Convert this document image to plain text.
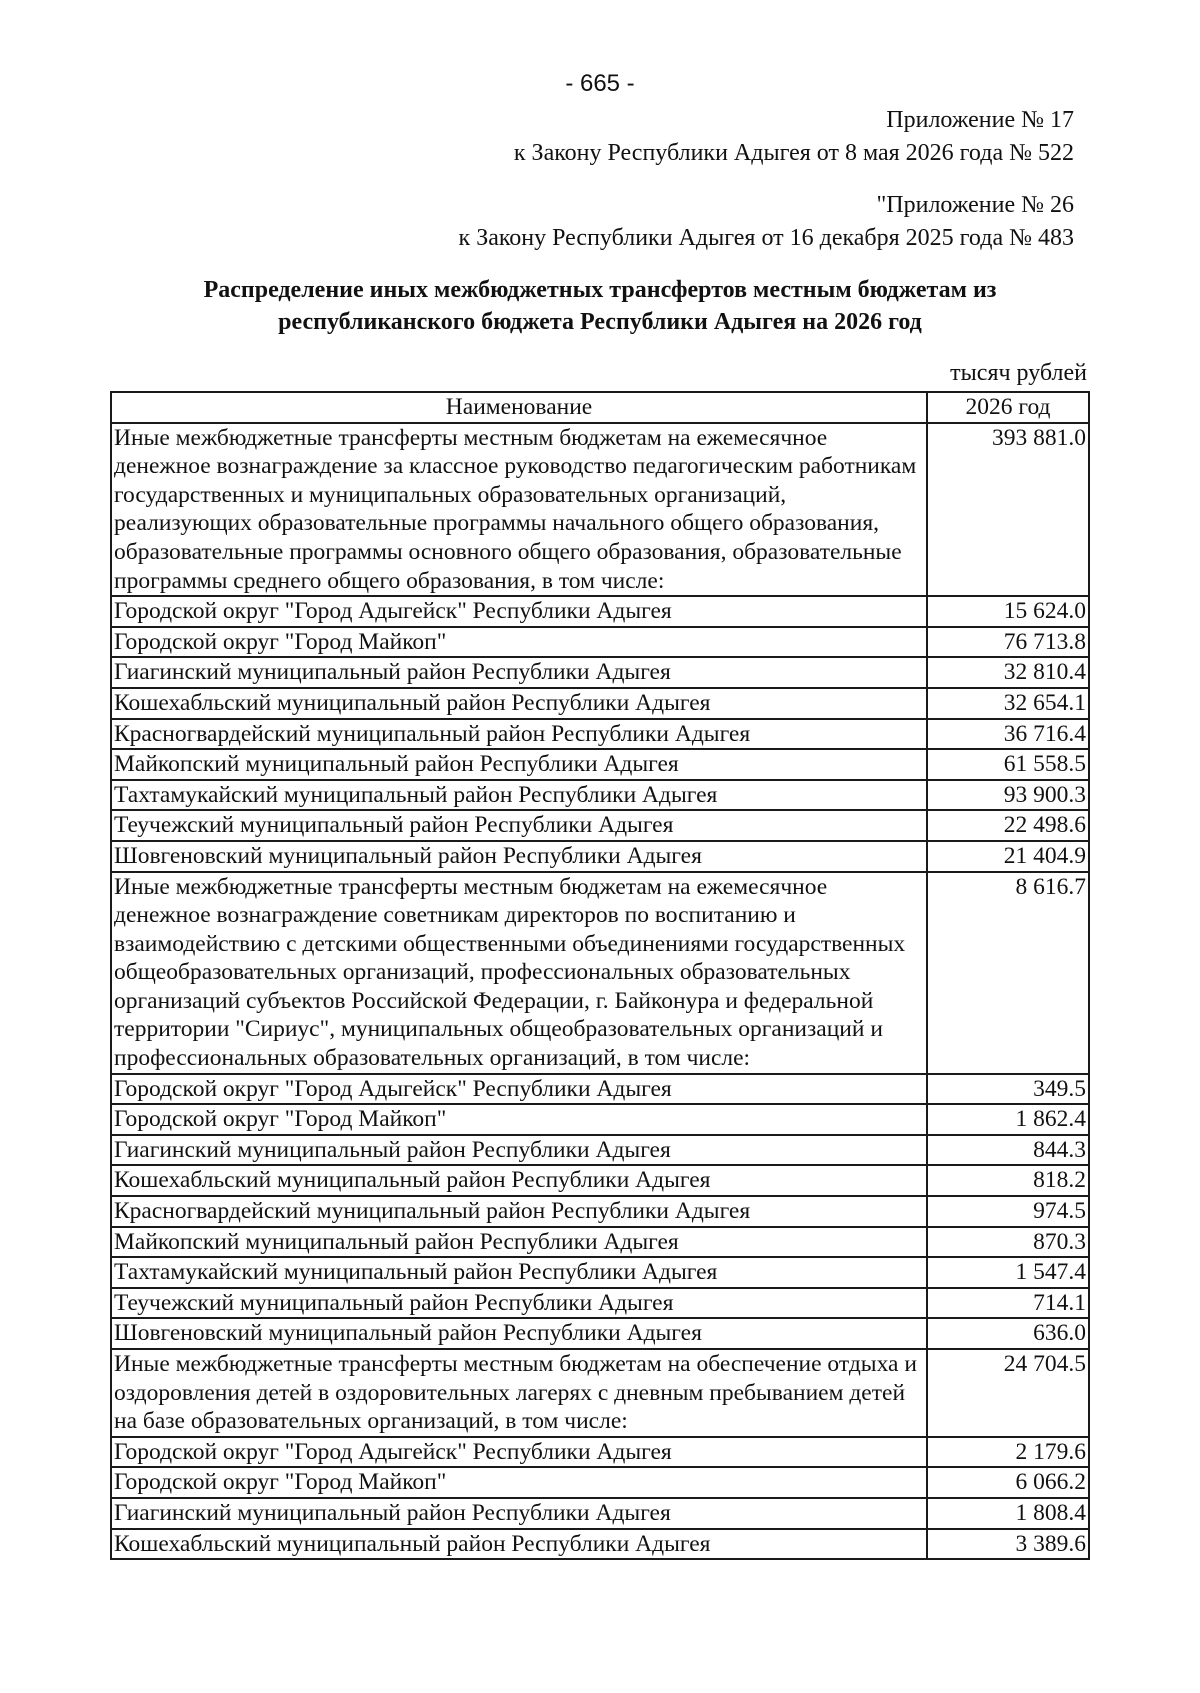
- 665 -
Приложение № 17
к Закону Республики Адыгея от 8 мая 2026 года № 522
"Приложение № 26
к Закону Республики Адыгея от 16 декабря 2025 года № 483
Распределение иных межбюджетных трансфертов местным бюджетам из
республиканского бюджета Республики Адыгея на 2026 год
тысяч рублей
Наименование	2026 год
Иные межбюджетные трансферты местным бюджетам на ежемесячное денежное вознаграждение за классное руководство педагогическим работникам государственных и муниципальных образовательных организаций, реализующих образовательные программы начального общего образования, образовательные программы основного общего образования, образовательные программы среднего общего образования, в том числе:	393 881.0
Городской округ "Город Адыгейск" Республики Адыгея	15 624.0
Городской округ "Город Майкоп"	76 713.8
Гиагинский муниципальный район Республики Адыгея	32 810.4
Кошехабльский муниципальный район Республики Адыгея	32 654.1
Красногвардейский муниципальный район Республики Адыгея	36 716.4
Майкопский муниципальный район Республики Адыгея	61 558.5
Тахтамукайский муниципальный район Республики Адыгея	93 900.3
Теучежский муниципальный район Республики Адыгея	22 498.6
Шовгеновский муниципальный район Республики Адыгея	21 404.9
Иные межбюджетные трансферты местным бюджетам на ежемесячное денежное вознаграждение советникам директоров по воспитанию и взаимодействию с детскими общественными объединениями государственных общеобразовательных организаций, профессиональных образовательных организаций субъектов Российской Федерации, г. Байконура и федеральной территории "Сириус", муниципальных общеобразовательных организаций и профессиональных образовательных организаций, в том числе:	8 616.7
Городской округ "Город Адыгейск" Республики Адыгея	349.5
Городской округ "Город Майкоп"	1 862.4
Гиагинский муниципальный район Республики Адыгея	844.3
Кошехабльский муниципальный район Республики Адыгея	818.2
Красногвардейский муниципальный район Республики Адыгея	974.5
Майкопский муниципальный район Республики Адыгея	870.3
Тахтамукайский муниципальный район Республики Адыгея	1 547.4
Теучежский муниципальный район Республики Адыгея	714.1
Шовгеновский муниципальный район Республики Адыгея	636.0
Иные межбюджетные трансферты местным бюджетам на обеспечение отдыха и оздоровления детей в оздоровительных лагерях с дневным пребыванием детей на базе образовательных организаций, в том числе:	24 704.5
Городской округ "Город Адыгейск" Республики Адыгея	2 179.6
Городской округ "Город Майкоп"	6 066.2
Гиагинский муниципальный район Республики Адыгея	1 808.4
Кошехабльский муниципальный район Республики Адыгея	3 389.6
